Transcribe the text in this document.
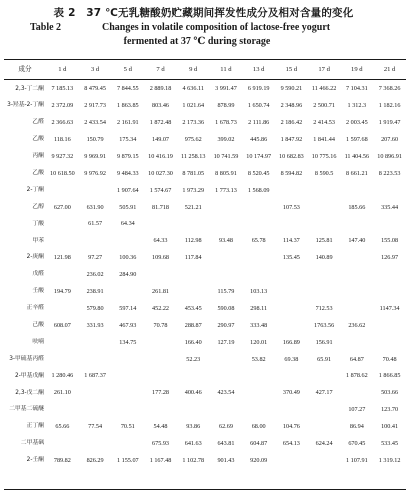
表 2　37 ℃无乳糖酸奶贮藏期间挥发性成分及相对含量的变化
Table 2	Changes in volatile composition of lactose-free yogurt
fermented at 37 ℃ during storage
成分	1 d	3 d	5 d	7 d	9 d	11 d	13 d	15 d	17 d	19 d	21 d
2,3-丁二酮	7 185.13	8 479.45	7 844.55	2 889.18	4 636.11	3 991.47	6 919.19	9 590.21	11 466.22	7 104.31	7 368.26
3-羟基-2-丁酮	2 372.09	2 917.73	1 863.85	803.46	1 021.64	878.99	1 650.74	2 348.96	2 500.71	1 312.3	1 182.16
乙醛	2 366.63	2 433.54	2 161.91	1 872.48	2 173.36	1 678.73	2 111.86	2 186.42	2 414.53	2 003.45	1 919.47
乙酸	118.16	150.79	175.34	149.07	975.62	399.02	445.86	1 847.92	1 841.44	1 597.68	207.60
丙酮	9 927.32	9 969.91	9 879.15	10 416.19	11 258.13	10 741.59	10 174.97	10 682.83	10 775.16	11 404.56	10 896.91
乙酸	10 618.50	9 976.92	9 484.33	10 027.30	8 781.05	8 805.91	8 520.45	8 594.82	8 590.5	8 661.21	8 223.53
2-丁酮			1 907.64	1 574.67	1 973.29	1 773.13	1 568.09				
乙醇	627.00	631.90	505.91	81.718	521.21			107.53		185.66	335.44
丁酸		61.57	64.34								
甲苯				64.33	112.98	93.48	65.78	114.37	125.81	147.40	155.08
2-庚酮	121.98	97.27	100.36	109.68	117.84			135.45	140.89		126.97
戊醛		236.02	284.90								
壬酸	194.79	238.91		261.81		115.79	103.13				
正辛醛		579.80	597.14	452.22	453.45	590.08	298.11		712.53		1147.34
己酸	608.07	331.93	467.93	70.78	288.87	290.97	333.48		1763.56	236.62	
呋喃			134.75		166.40	127.19	120.01	166.89	156.91		
3-甲硫基丙醛					52.23		53.82	69.38	65.91	64.87	70.48
2-甲基戊酮	1 280.46	1 687.37								1 878.62	1 866.85
2,3-戊二酮	261.10			177.28	400.46	423.54		370.49	427.17		503.66
二甲基二硫醚										107.27	123.70
正丁酮	65.66	77.54	70.51	54.48	93.86	62.69	68.00	104.76		86.94	100.41
二甲基砜				675.93	641.63	643.81	604.87	654.13	624.24	670.45	533.45
2-壬酮	789.82	826.29	1 155.07	1 167.48	1 102.78	901.43	920.09			1 107.91	1 319.12
